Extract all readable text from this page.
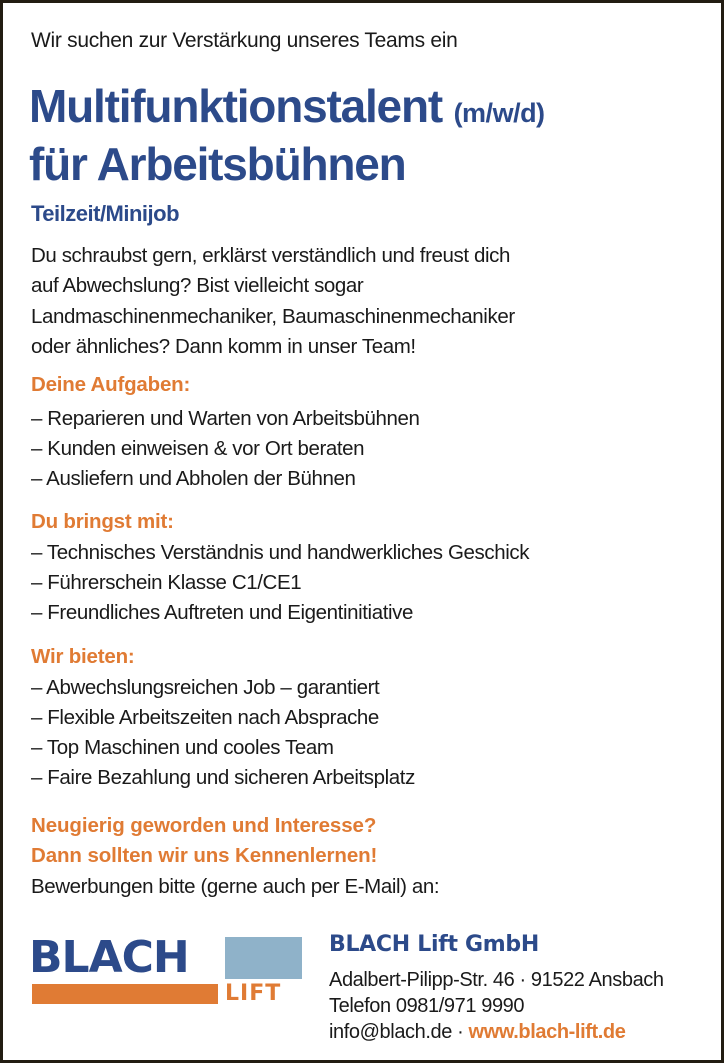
Wir suchen zur Verstärkung unseres Teams ein
Multifunktionstalent (m/w/d)
für Arbeitsbühnen
Teilzeit/Minijob
Du schraubst gern, erklärst verständlich und freust dich
auf Abwechslung? Bist vielleicht sogar
Landmaschinenmechaniker, Baumaschinenmechaniker
oder ähnliches? Dann komm in unser Team!
Deine Aufgaben:
– Reparieren und Warten von Arbeitsbühnen
– Kunden einweisen & vor Ort beraten
– Ausliefern und Abholen der Bühnen
Du bringst mit:
– Technisches Verständnis und handwerkliches Geschick
– Führerschein Klasse C1/CE1
– Freundliches Auftreten und Eigentinitiative
Wir bieten:
– Abwechslungsreichen Job – garantiert
– Flexible Arbeitszeiten nach Absprache
– Top Maschinen und cooles Team
– Faire Bezahlung und sicheren Arbeitsplatz
Neugierig geworden und Interesse?
Dann sollten wir uns Kennenlernen!
Bewerbungen bitte (gerne auch per E-Mail) an:
BLACH
LIFT
BLACH Lift GmbH
Adalbert-Pilipp-Str. 46 · 91522 Ansbach
Telefon 0981/971 9990
info@blach.de · www.blach-lift.de
